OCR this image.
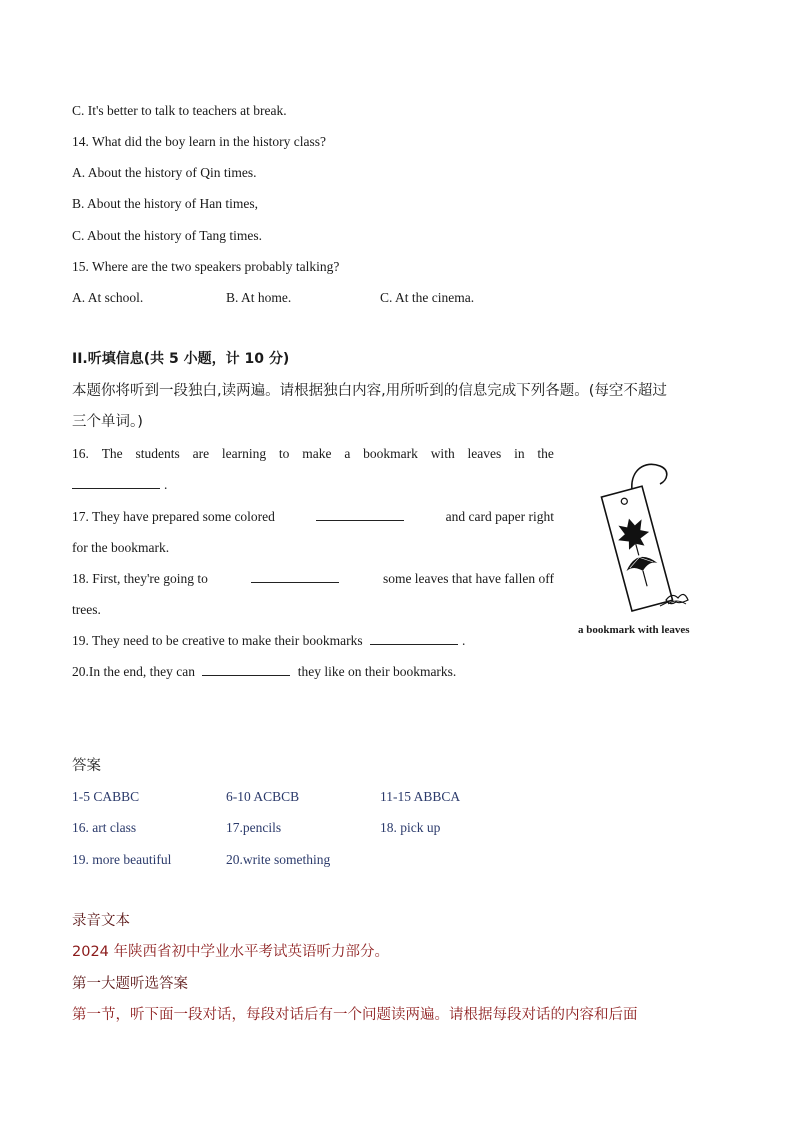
C. It's better to talk to teachers at break.
14. What did the boy learn in the history class?
A. About the history of Qin times.
B. About the history of Han times,
C. About the history of Tang times.
15. Where are the two speakers probably talking?
A. At school.	B. At home.	C. At the cinema.
II.听填信息(共 5 小题，计 10 分)
本题你将听到一段独白,读两遍。请根据独白内容,用所听到的信息完成下列各题。(每空不超过
三个单词。)
16. The students are learning to make a bookmark with leaves in the
.
17. They have prepared some colored	and card paper right
for the bookmark.
18. First, they're going to	some leaves that have fallen off
trees.
19. They need to be creative to make their bookmarks	.
20.In the end, they can	they like on their bookmarks.
a bookmark with leaves
答案
1-5 CABBC	6-10 ACBCB	11-15 ABBCA
16. art class	17.pencils	18. pick up
19. more beautiful	20.write something
录音文本
2024 年陕西省初中学业水平考试英语听力部分。
第一大题听选答案
第一节，听下面一段对话，每段对话后有一个问题读两遍。请根据每段对话的内容和后面
